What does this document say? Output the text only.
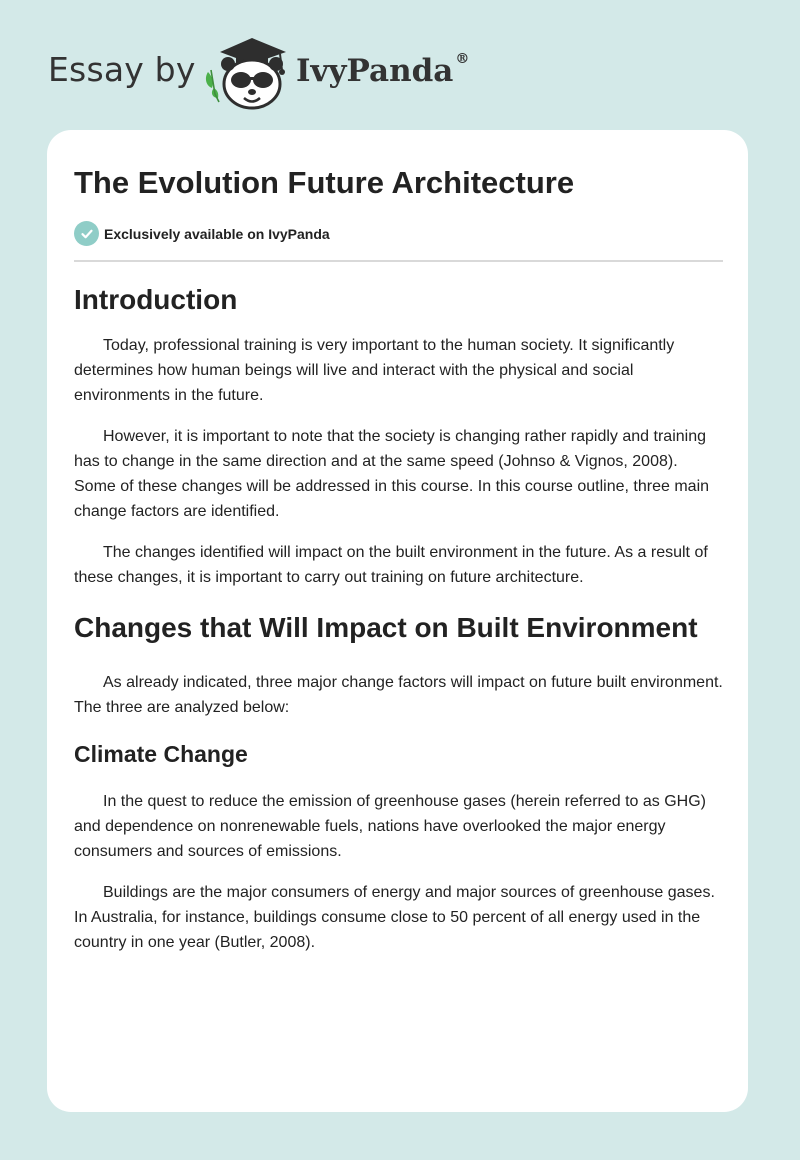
Essay by	IvyPanda ®
The Evolution Future Architecture
Exclusively available on IvyPanda
Introduction

Today, professional training is very important to the human society. It significantly determines how human beings will live and interact with the physical and social environments in the future.

However, it is important to note that the society is changing rather rapidly and training has to change in the same direction and at the same speed (Johnso & Vignos, 2008). Some of these changes will be addressed in this course. In this course outline, three main change factors are identified.

The changes identified will impact on the built environment in the future. As a result of these changes, it is important to carry out training on future architecture.

Changes that Will Impact on Built Environment

As already indicated, three major change factors will impact on future built environment. The three are analyzed below:

Climate Change

In the quest to reduce the emission of greenhouse gases (herein referred to as GHG) and dependence on nonrenewable fuels, nations have overlooked the major energy consumers and sources of emissions.

Buildings are the major consumers of energy and major sources of greenhouse gases. In Australia, for instance, buildings consume close to 50 percent of all energy used in the country in one year (Butler, 2008).
